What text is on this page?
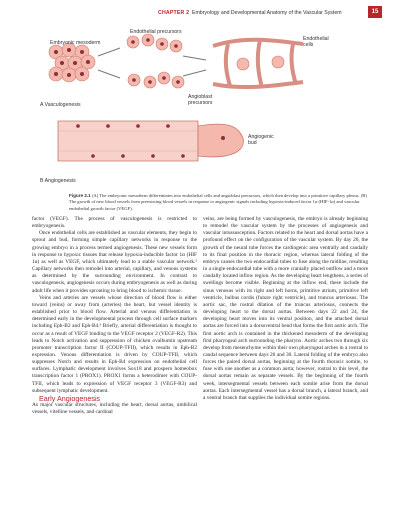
CHAPTER 2 Embryology and Developmental Anatomy of the Vascular System	15
Embryonic mesoderm
Endothelial precursors
Endothelial cells
Angioblast precursors
A Vasculogenesis
Angiogenic bud
B Angiogenesis
Figure 2.1 (A) The embryonic mesoderm differentiates into endothelial cells and angioblast precursors, which then develop into a primitive capillary plexus. (B) The growth of new blood vessels from preexisting blood vessels in response to angiogenic signals including hypoxia-induced factor 1α (HIF-1α) and vascular endothelial growth factor (VEGF).

factor (VEGF). The process of vasculogenesis is restricted to embryogenesis.

Once endothelial cells are established as vascular elements, they begin to sprout and bud, forming simple capillary networks in response to the growing embryo in a process termed angiogenesis. These new vessels form in response to hypoxic tissues that release hypoxia-inducible factor 1α (HIF 1α) as well as VEGF, which ultimately lead to a stable vascular network.² Capillary networks then remodel into arterial, capillary, and venous systems as determined by the surrounding environment. In contrast to vasculogenesis, angiogenesis occurs during embryogenesis as well as during adult life when it provides sprouting to bring blood to ischemic tissue.

Veins and arteries are vessels whose direction of blood flow is either toward (veins) or away from (arteries) the heart, but vessel identity is established prior to blood flow. Arterial and venous differentiation is determined early in the developmental process through cell surface markers including Eph-B2 and Eph-B4.³ Briefly, arterial differentiation is thought to occur as a result of VEGF binding to the VEGF receptor 2 (VEGF-R2). This leads to Notch activation and suppression of chicken ovalbumin upstream promoter transcription factor II (COUP-TFII), which results in Eph-B2 expression. Venous differentiation is driven by COUP-TFII, which suppresses Notch and results in Eph-B4 expression on endothelial cell surfaces. Lymphatic development involves Sox18 and prospero homeobox transcription factor 1 (PROX1). PROX1 forms a heterodimer with COUP-TFII, which leads to expression of VEGF receptor 3 (VEGF-R3) and subsequent lymphatic development.

Early Angiogenesis

As major vascular structures, including the heart, dorsal aortas, umbilical vessels, vitelline vessels, and cardinal

veins, are being formed by vasculogenesis, the embryo is already beginning to remodel the vascular system by the processes of angiogenesis and vascular intussusception. Factors related to the heart and dorsal aortas have a profound effect on the configuration of the vascular system. By day 20, the growth of the neural tube forces the cardiogenic area ventrally and caudally to its final position in the thoracic region, whereas lateral folding of the embryo causes the two endocardial tubes to fuse along the midline, resulting in a single endocardial tube with a more cranially placed outflow and a more caudally located inflow region. As the developing heart lengthens, a series of swellings become visible. Beginning at the inflow end, these include the sinus venosus with its right and left horns, primitive atrium, primitive left ventricle, bulbus cordis (future right ventricle), and truncus arteriosus. The aortic sac, the rostral dilation of the truncus arteriosus, connects the developing heart to the dorsal aortas. Between days 22 and 24, the developing heart moves into its ventral position, and the attached dorsal aortas are forced into a dorsoventral bend that forms the first aortic arch. The first aortic arch is contained in the thickened mesoderm of the developing first pharyngeal arch surrounding the pharynx. Aortic arches two through six develop from mesenchyme within their own pharyngeal arches in a rostral to caudal sequence between days 26 and 30. Lateral folding of the embryo also forces the paired dorsal aortas, beginning at the fourth thoracic somite, to fuse with one another as a common aorta; however, rostral to this level, the dorsal aortas remain as separate vessels. By the beginning of the fourth week, intersegmental vessels between each somite arise from the dorsal aortas. Each intersegmental vessel has a dorsal branch, a lateral branch, and a ventral branch that supplies the individual somite regions.
